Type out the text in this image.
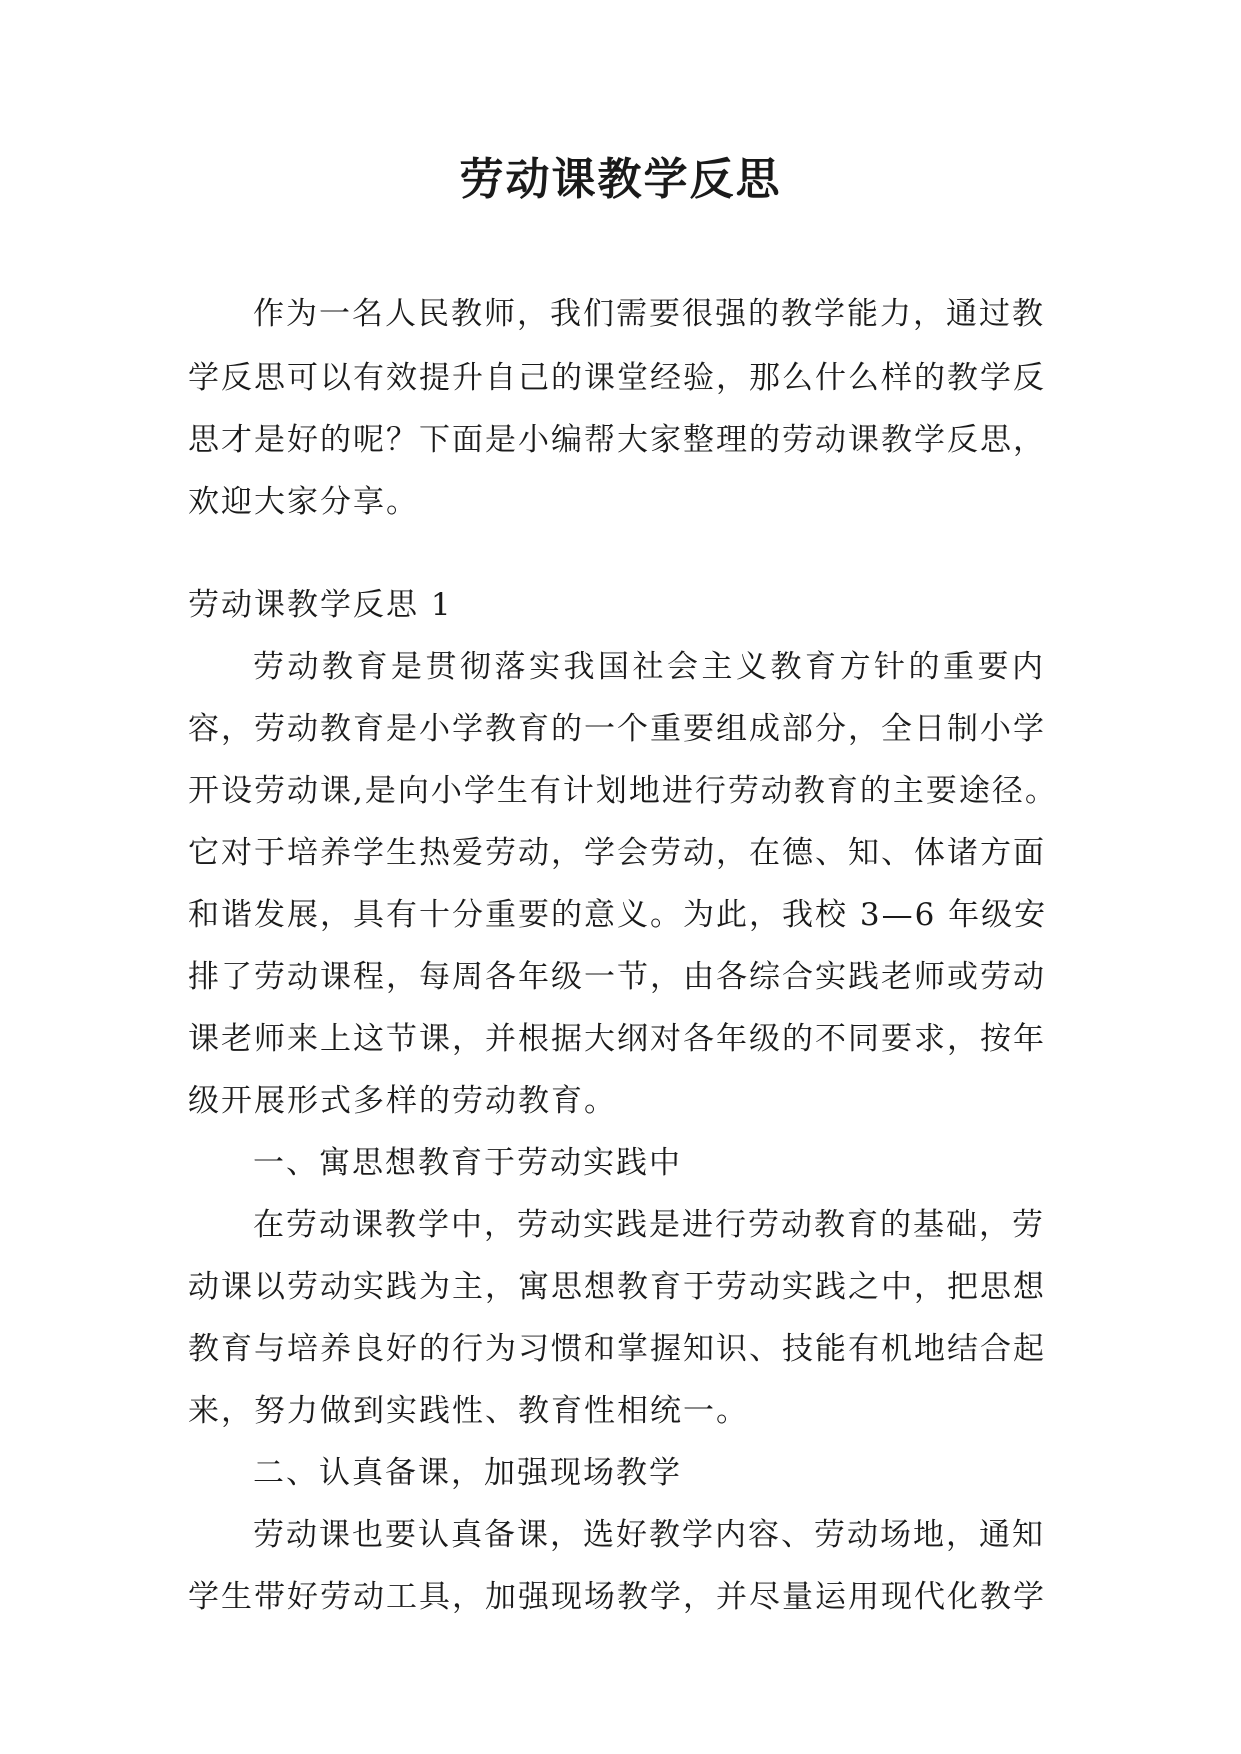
劳动课教学反思
作为一名人民教师，我们需要很强的教学能力，通过教
学反思可以有效提升自己的课堂经验，那么什么样的教学反
思才是好的呢？下面是小编帮大家整理的劳动课教学反思，
欢迎大家分享。
劳动课教学反思 1
劳动教育是贯彻落实我国社会主义教育方针的重要内
容，劳动教育是小学教育的一个重要组成部分，全日制小学
开设劳动课,是向小学生有计划地进行劳动教育的主要途径。
它对于培养学生热爱劳动，学会劳动，在德、知、体诸方面
和谐发展，具有十分重要的意义。为此，我校 3—6 年级安
排了劳动课程，每周各年级一节，由各综合实践老师或劳动
课老师来上这节课，并根据大纲对各年级的不同要求，按年
级开展形式多样的劳动教育。
一、寓思想教育于劳动实践中
在劳动课教学中，劳动实践是进行劳动教育的基础，劳
动课以劳动实践为主，寓思想教育于劳动实践之中，把思想
教育与培养良好的行为习惯和掌握知识、技能有机地结合起
来，努力做到实践性、教育性相统一。
二、认真备课，加强现场教学
劳动课也要认真备课，选好教学内容、劳动场地，通知
学生带好劳动工具，加强现场教学，并尽量运用现代化教学
